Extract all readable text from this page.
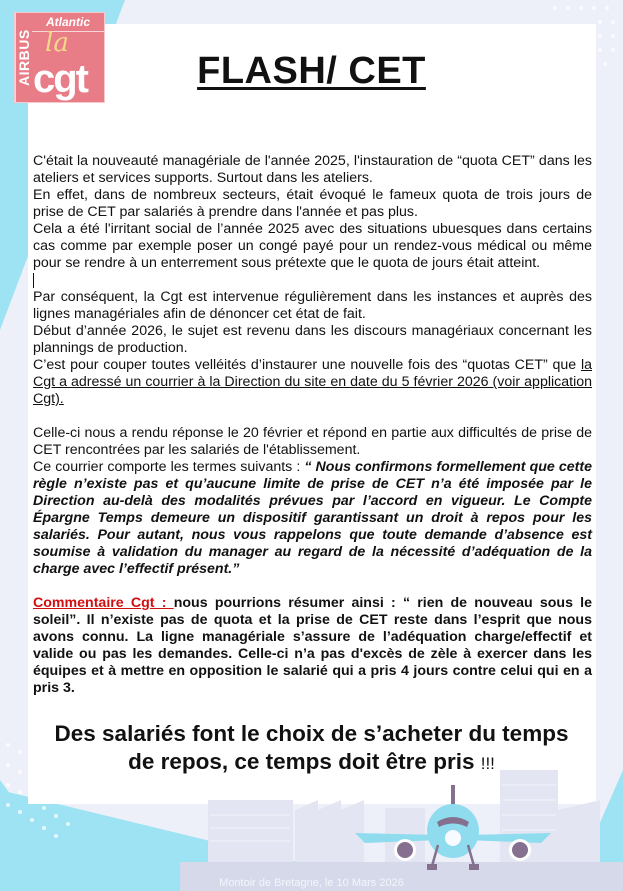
AIRBUS
Atlantic
la
cgt	FLASH/ CET

C'était la nouveauté managériale de l'année 2025, l'instauration de “quota CET” dans les ateliers et services supports. Surtout dans les ateliers.

En effet, dans de nombreux secteurs, était évoqué le fameux quota de trois jours de prise de CET par salariés à prendre dans l'année et pas plus.

Cela a été l'irritant social de l’année 2025 avec des situations ubuesques dans certains cas comme par exemple poser un congé payé pour un rendez-vous médical ou même pour se rendre à un enterrement sous prétexte que le quota de jours était atteint.

Par conséquent, la Cgt est intervenue régulièrement dans les instances et auprès des lignes managériales afin de dénoncer cet état de fait.

Début d’année 2026, le sujet est revenu dans les discours managériaux concernant les plannings de production.

C’est pour couper toutes velléités d’instaurer une nouvelle fois des “quotas CET” que la Cgt a adressé un courrier à la Direction du site en date du 5 février 2026 (voir application Cgt).

Celle-ci nous a rendu réponse le 20 février et répond en partie aux difficultés de prise de CET rencontrées par les salariés de l'établissement.

Ce courrier comporte les termes suivants : “ Nous confirmons formellement que cette règle n’existe pas et qu’aucune limite de prise de CET n’a été imposée par le Direction au-delà des modalités prévues par l’accord en vigueur. Le Compte Épargne Temps demeure un dispositif garantissant un droit à repos pour les salariés. Pour autant, nous vous rappelons que toute demande d’absence est soumise à validation du manager au regard de la nécessité d’adéquation de la charge avec l’effectif présent.”

Commentaire Cgt : nous pourrions résumer ainsi : “ rien de nouveau sous le soleil”. Il n’existe pas de quota et la prise de CET reste dans l’esprit que nous avons connu. La ligne managériale s’assure de l’adéquation charge/effectif et valide ou pas les demandes. Celle-ci n’a pas d'excès de zèle à exercer dans les équipes et à mettre en opposition le salarié qui a pris 4 jours contre celui qui en a pris 3.

Des salariés font le choix de s’acheter du temps
de repos, ce temps doit être pris !!!
Montoir de Bretagne, le 10 Mars 2026
